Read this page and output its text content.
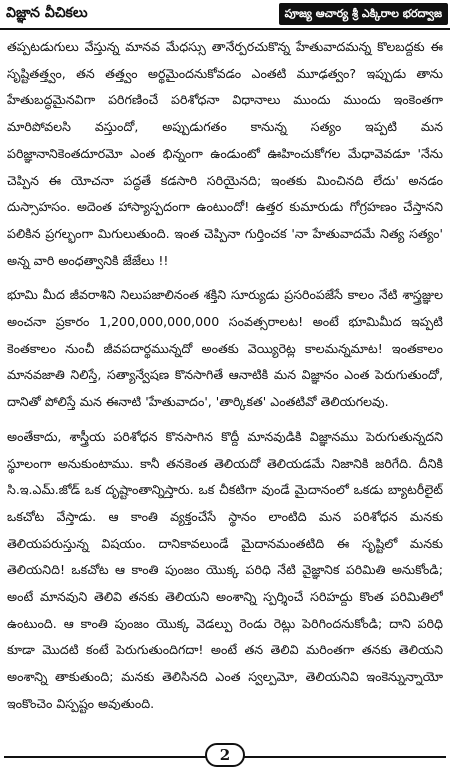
విజ్ఞాన వీచికలు	పూజ్య ఆచార్య శ్రీ ఎక్కిరాల భరద్వాజ

తప్పటడుగులు వేస్తున్న మానవ మేధస్సు తానేర్పరచుకొన్న హేతువాదమన్న కొలబద్దకు ఈ సృష్టితత్త్వం, తన తత్త్వం అర్థమైందనుకోవడం ఎంతటి మూఢత్వం? ఇప్పుడు తాను హేతుబద్ధమైనవిగా పరిగణించే పరిశోధనా విధానాలు ముందు ముందు ఇంకెంతగా మారిపోవలసి వస్తుందో, అప్పుడుగతం కానున్న సత్యం ఇప్పటి మన పరిజ్ఞానానికెంతదూరమో ఎంత భిన్నంగా ఉండుంటో ఊహించుకోగల మేధావెవడూ 'నేను చెప్పిన ఈ యోచనా పద్ధతే కడసారి సరియైనది; ఇంతకు మించినది లేదు' అనడం దుస్సాహసం. అదెంత హాస్యాస్పదంగా ఉంటుందో! ఉత్తర కుమారుడు గోగ్రహణం చేస్తానని పలికిన ప్రగల్భంగా మిగులుతుంది. ఇంత చెప్పినా గుర్తించక 'నా హేతువాదమే నిత్య సత్యం' అన్న వారి అంధత్వానికి జేజేలు !!

భూమి మీద జీవరాశిని నిలుపజాలినంత శక్తిని సూర్యుడు ప్రసరింపజేసే కాలం నేటి శాస్త్రజ్ఞుల అంచనా ప్రకారం 1,200,000,000,000 సంవత్సరాలట! అంటే భూమిమీద ఇప్పటి కెంతకాలం నుంచీ జీవపదార్థమున్నదో అంతకు వెయ్యిరెట్ల కాలమన్నమాట! ఇంతకాలం మానవజాతి నిలిస్తే, సత్యాన్వేషణ కొనసాగితే ఆనాటికి మన విజ్ఞానం ఎంత పెరుగుతుందో, దానితో పోలిస్తే మన ఈనాటి 'హేతువాదం', 'తార్కికత' ఎంతటివో తెలియగలవు.

అంతేకాదు, శాస్త్రీయ పరిశోధన కొనసాగిన కొద్దీ మానవుడికి విజ్ఞానము పెరుగుతున్నదని స్థూలంగా అనుకుంటాము. కానీ తనకెంత తెలియదో తెలియడమే నిజానికి జరిగేది. దీనికి సి.ఇ.ఎమ్.జోడ్ ఒక దృష్టాంతాన్నిస్తారు. ఒక చీకటిగా వుండే మైదానంలో ఒకడు బ్యాటరీలైట్ ఒకచోట వేస్తాడు. ఆ కాంతి వ్యక్తంచేసే స్థానం లాంటిది మన పరిశోధన మనకు తెలియపరుస్తున్న విషయం. దానికావలుండే మైదానమంతటిది ఈ సృష్టిలో మనకు తెలియనిది! ఒకచోట ఆ కాంతి పుంజం యొక్క పరిధి నేటి వైజ్ఞానిక పరిమితి అనుకోండి; అంటే మానవుని తెలివి తనకు తెలియని అంశాన్ని స్పర్శించే సరిహద్దు కొంత పరిమితిలో ఉంటుంది. ఆ కాంతి పుంజం యొక్క వెడల్పు రెండు రెట్లు పెరిగిందనుకోండి; దాని పరిధి కూడా మొదటి కంటే పెరుగుతుందిగదా! అంటే తన తెలివి మరింతగా తనకు తెలియని అంశాన్ని తాకుతుంది; మనకు తెలిసినది ఎంత స్వల్పమో, తెలియనివి ఇంకెన్నున్నాయో ఇంకొంచెం విస్పష్టం అవుతుంది.

2
